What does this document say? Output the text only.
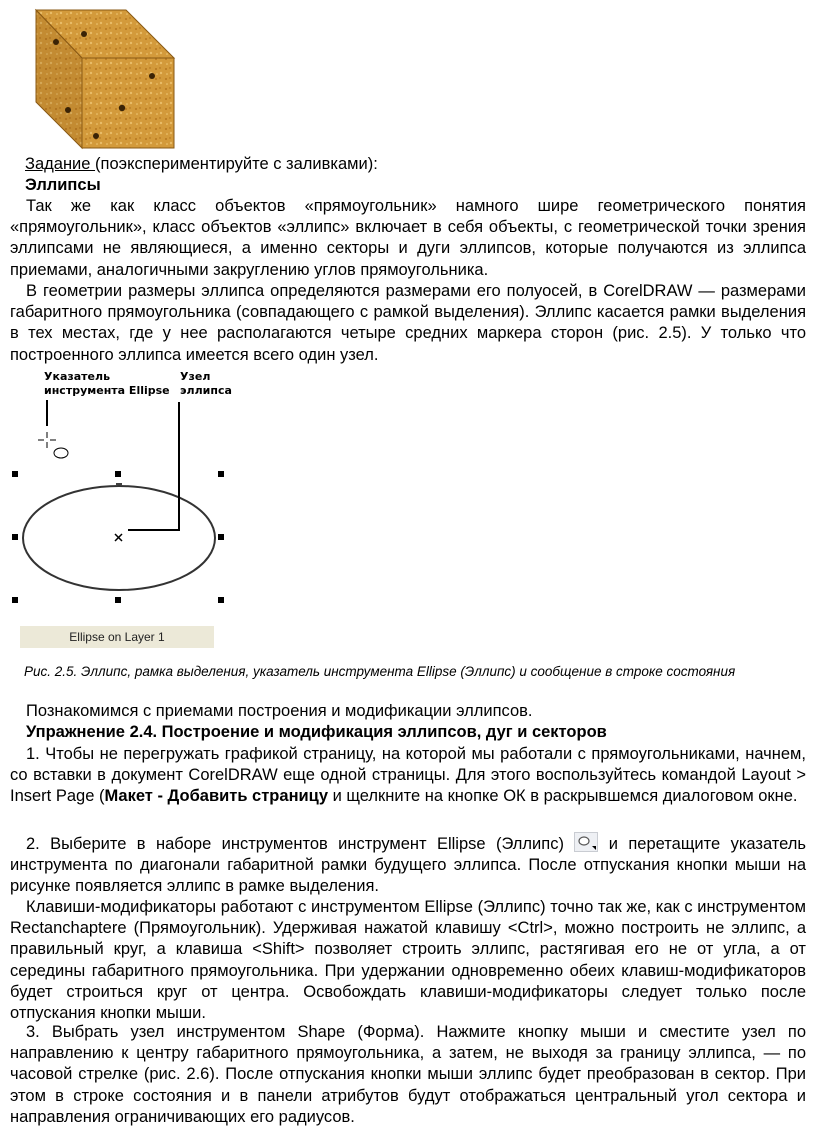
Задание (поэкспериментируйте с заливками):
Эллипсы

Так же как класс объектов «прямоугольник» намного шире геометрического понятия «прямоугольник», класс объектов «эллипс» включает в себя объекты, с геометрической точки зрения эллипсами не являющиеся, а именно секторы и дуги эллипсов, которые получаются из эллипса приемами, аналогичными закруглению углов прямоугольника.

В геометрии размеры эллипса определяются размерами его полуосей, в CorelDRAW — размерами габаритного прямоугольника (совпадающего с рамкой выделения). Эллипс касается рамки выделения в тех местах, где у нее располагаются четыре средних маркера сторон (рис. 2.5). У только что построенного эллипса имеется всего один узел.

Указатель
инструмента Ellipse
Узел
эллипса
Ellipse on Layer 1

Рис. 2.5. Эллипс, рамка выделения, указатель инструмента Ellipse (Эллипс) и сообщение в строке состояния

Познакомимся с приемами построения и модификации эллипсов.

Упражнение 2.4. Построение и модификация эллипсов, дуг и секторов

1. Чтобы не перегружать графикой страницу, на которой мы работали с прямоугольниками, начнем, со вставки в документ CorelDRAW еще одной страницы. Для этого воспользуйтесь командой Layout > Insert Page (Макет - Добавить страницу и щелкните на кнопке ОК в раскрывшемся диалоговом окне.

2. Выберите в наборе инструментов инструмент Ellipse (Эллипс)
и перетащите указатель инструмента по диагонали габаритной рамки будущего эллипса. После отпускания кнопки мыши на рисунке появляется эллипс в рамке выделения.

Клавиши-модификаторы работают с инструментом Ellipse (Эллипс) точно так же, как с инструментом Rectanchaptere (Прямоугольник). Удерживая нажатой клавишу <Ctrl>, можно построить не эллипс, а правильный круг, а клавиша <Shift> позволяет строить эллипс, растягивая его не от угла, а от середины габаритного прямоугольника. При удержании одновременно обеих клавиш-модификаторов будет строиться круг от центра. Освобождать клавиши-модификаторы следует только после отпускания кнопки мыши.

3. Выбрать узел инструментом Shape (Форма). Нажмите кнопку мыши и сместите узел по направлению к центру габаритного прямоугольника, а затем, не выходя за границу эллипса, — по часовой стрелке (рис. 2.6). После отпускания кнопки мыши эллипс будет преобразован в сектор. При этом в строке состояния и в панели атрибутов будут отображаться центральный угол сектора и направления ограничивающих его радиусов.
